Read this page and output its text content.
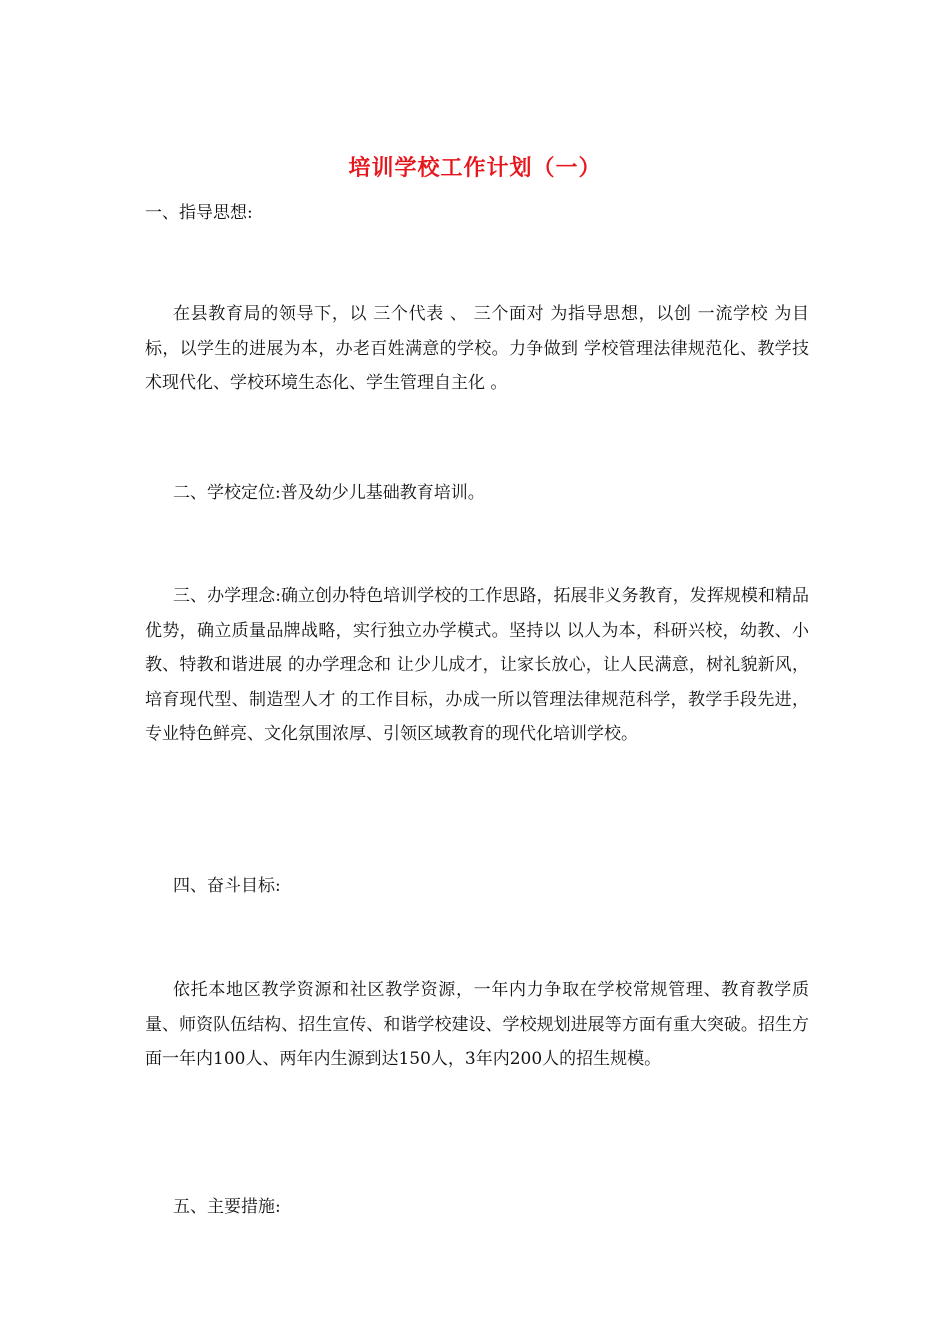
培训学校工作计划（一）
一、指导思想:

在县教育局的领导下，以 三个代表 、 三个面对 为指导思想，以创 一流学校 为目标，以学生的进展为本，办老百姓满意的学校。力争做到 学校管理法律规范化、教学技术现代化、学校环境生态化、学生管理自主化 。

二、学校定位:普及幼少儿基础教育培训。

三、办学理念:确立创办特色培训学校的工作思路，拓展非义务教育，发挥规模和精品优势，确立质量品牌战略，实行独立办学模式。坚持以 以人为本，科研兴校，幼教、小教、特教和谐进展 的办学理念和 让少儿成才，让家长放心，让人民满意，树礼貌新风，培育现代型、制造型人才 的工作目标，办成一所以管理法律规范科学，教学手段先进，专业特色鲜亮、文化氛围浓厚、引领区域教育的现代化培训学校。

四、奋斗目标:

依托本地区教学资源和社区教学资源，一年内力争取在学校常规管理、教育教学质量、师资队伍结构、招生宣传、和谐学校建设、学校规划进展等方面有重大突破。招生方面一年内100人、两年内生源到达150人，3年内200人的招生规模。

五、主要措施:
